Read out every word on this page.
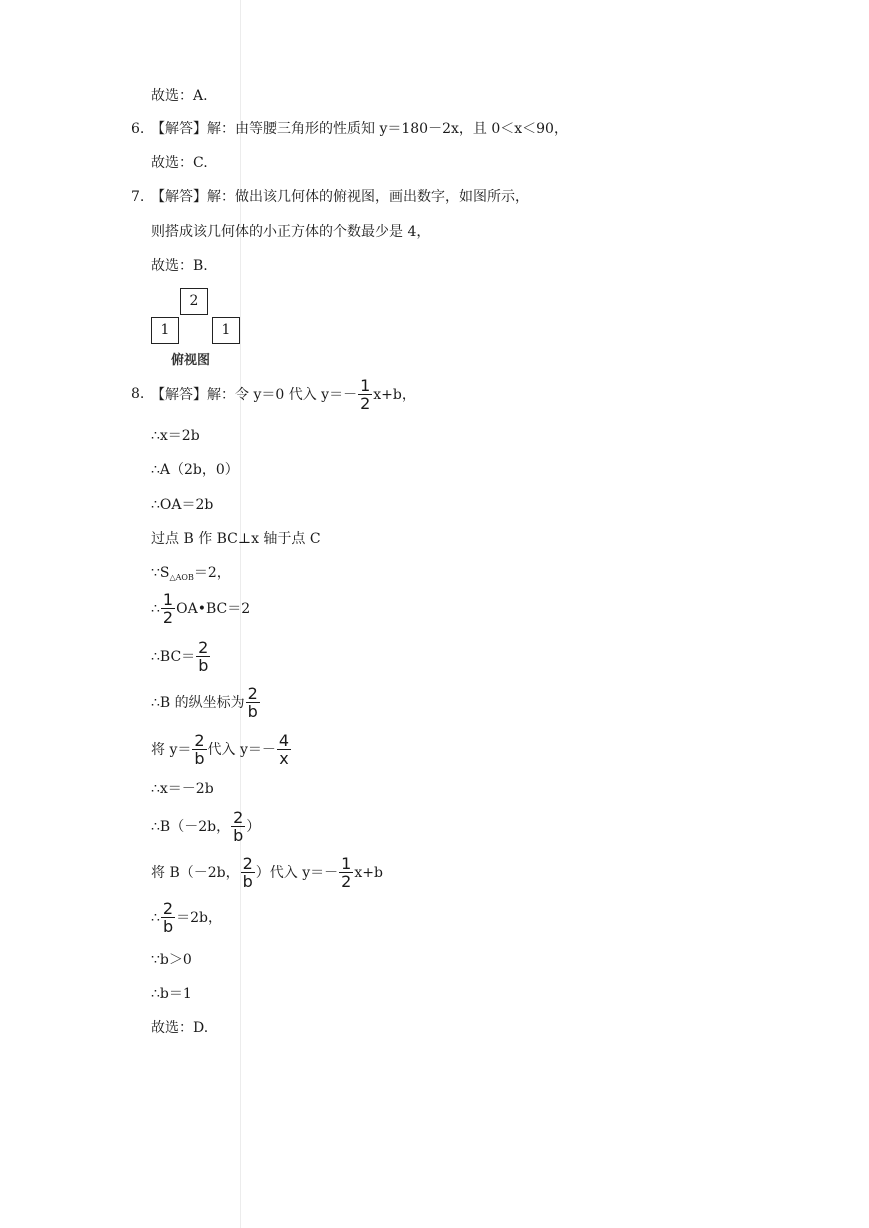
故选：A.
6. 【解答】解：由等腰三角形的性质知 y＝180－2x，且 0＜x＜90，
故选：C.
7. 【解答】解：做出该几何体的俯视图，画出数字，如图所示，
则搭成该几何体的小正方体的个数最少是 4，
故选：B.
2
1	1
俯视图
8. 【解答】解：令 y＝0 代入 $y=- \frac{1}{2} x+b$，
∴x＝2b
∴A（2b，0）
∴OA＝2b
过点 B 作 BC⊥x 轴于点 C
$\because S_{\triangle AOB}=2$，
∴ $\frac{1}{2}$ OA•BC＝2
∴BC＝ $\frac{2}{b}$
∴B 的纵坐标为 $\frac{2}{b}$
将 $y= \frac{2}{b}$ 代入 $y=- \frac{4}{x}$
∴x＝－2b
∴B（－2b， $\frac{2}{b}$ ）
将 B（－2b， $\frac{2}{b}$ ）代入 $y=- \frac{1}{2} x+b$
∴ $\frac{2}{b} =2b$，
∵b＞0
∴b＝1
故选：D.
